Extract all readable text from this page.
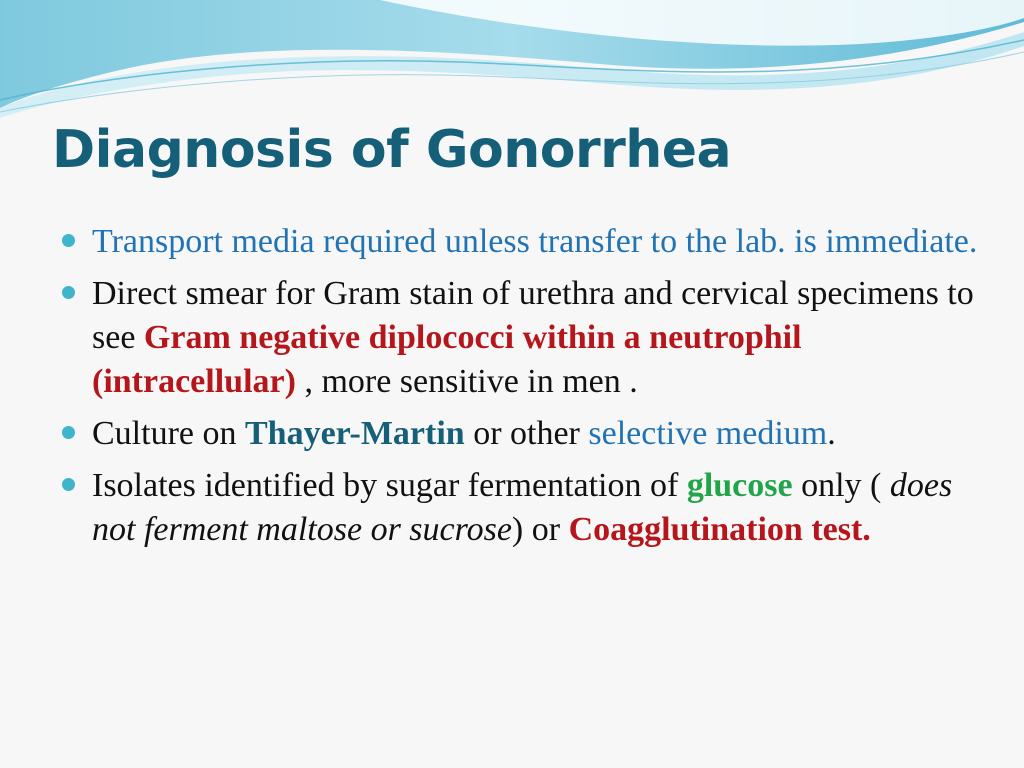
Diagnosis of Gonorrhea
Transport media required unless transfer to the lab. is immediate.
Direct smear for Gram stain of urethra and cervical specimens to see Gram negative diplococci within a neutrophil (intracellular) , more sensitive in men .
Culture on Thayer-Martin or other selective medium.
Isolates identified by sugar fermentation of glucose only ( does not ferment maltose or sucrose) or Coagglutination test.
